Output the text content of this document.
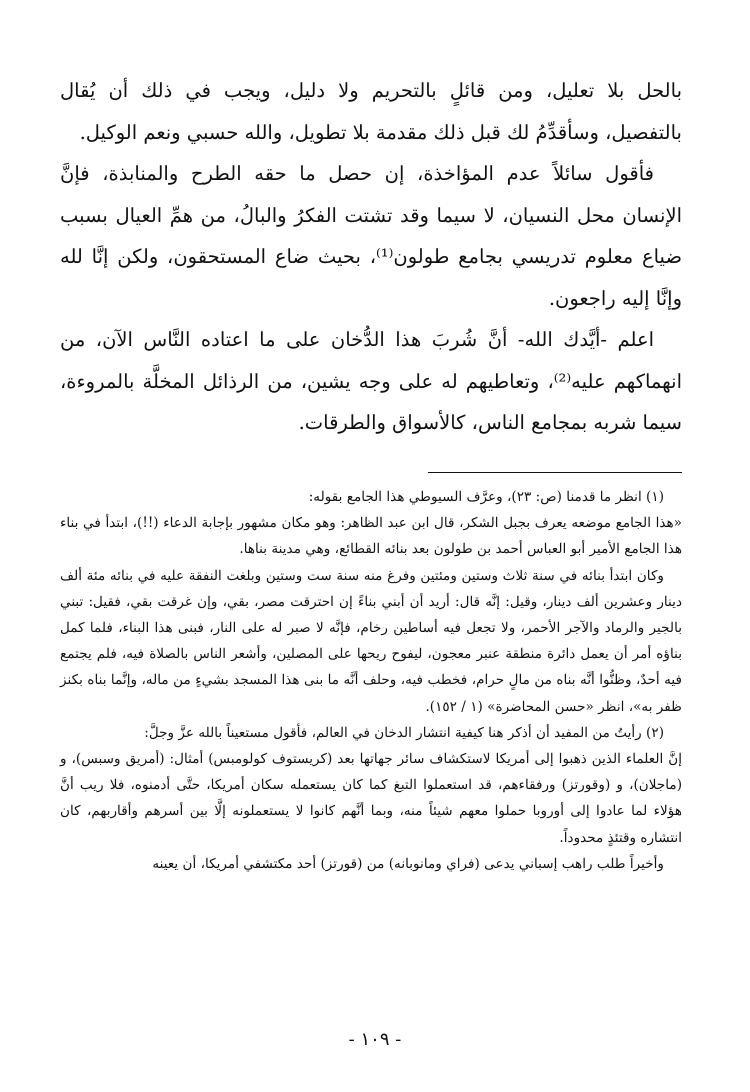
بالحل بلا تعليل، ومن قائلٍ بالتحريم ولا دليل، ويجب في ذلك أن يُقال بالتفصيل، وسأقدِّمُ لك قبل ذلك مقدمة بلا تطويل، والله حسبي ونعم الوكيل.

فأقول سائلاً عدم المؤاخذة، إن حصل ما حقه الطرح والمنابذة، فإنَّ الإنسان محل النسيان، لا سيما وقد تشتت الفكرُ والبالُ، من همِّ العيال بسبب ضياع معلوم تدريسي بجامع طولون⁽¹⁾، بحيث ضاع المستحقون، ولكن إنَّا لله وإنَّا إليه راجعون.

اعلم -أيَّدك الله- أنَّ شُربَ هذا الدُّخان على ما اعتاده النَّاس الآن، من انهماكهم عليه⁽²⁾، وتعاطيهم له على وجه يشين، من الرذائل المخلَّة بالمروءة، سيما شربه بمجامع الناس، كالأسواق والطرقات.

(١) انظر ما قدمنا (ص: ٢٣)، وعرَّف السيوطي هذا الجامع بقوله:

«هذا الجامع موضعه يعرف بجبل الشكر، قال ابن عبد الظاهر: وهو مكان مشهور بإجابة الدعاء (!!)، ابتدأ في بناء هذا الجامع الأمير أبو العباس أحمد بن طولون بعد بنائه القطائع، وهي مدينة بناها.

وكان ابتدأ بنائه في سنة ثلاث وستين ومئتين وفرغ منه سنة ست وستين وبلغت النفقة عليه في بنائه مئة ألف دينار وعشرين ألف دينار، وقيل: إنَّه قال: أريد أن أبني بناءً إن احترقت مصر، بقي، وإن غرقت بقي، فقيل: تبني بالجير والرماد والآجر الأحمر، ولا تجعل فيه أساطين رخام، فإنَّه لا صبر له على النار، فبنى هذا البناء، فلما كمل بناؤه أمر أن يعمل دائرة منطقة عنبر معجون، ليفوح ريحها على المصلين، وأشعر الناس بالصلاة فيه، فلم يجتمع فيه أحدٌ، وظنُّوا أنَّه بناه من مالٍ حرام، فخطب فيه، وحلف أنَّه ما بنى هذا المسجد بشيءٍ من ماله، وإنَّما بناه بكنز ظفر به»، انظر «حسن المحاضرة» (١ / ١٥٢).

(٢) رأيتُ من المفيد أن أذكر هنا كيفية انتشار الدخان في العالم، فأقول مستعيناً بالله عزَّ وجلَّ:

إنَّ العلماء الذين ذهبوا إلى أمريكا لاستكشاف سائر جهاتها بعد (كريستوف كولومبس) أمثال: (أمريق وسبس)، و (ماجلان)، و (وقورتز) ورفقاءهم، قد استعملوا التبغ كما كان يستعمله سكان أمريكا، حتَّى أدمنوه، فلا ريب أنَّ هؤلاء لما عادوا إلى أوروبا حملوا معهم شيئاً منه، وبما أنَّهم كانوا لا يستعملونه إلَّا بين أسرهم وأقاربهم، كان انتشاره وقتئذٍ محدوداً.

وأخيراً طلب راهب إسباني يدعى (فراي ومانوبانه) من (قورتز) أحد مكتشفي أمريكا، أن يعينه

- ١٠٩ -
